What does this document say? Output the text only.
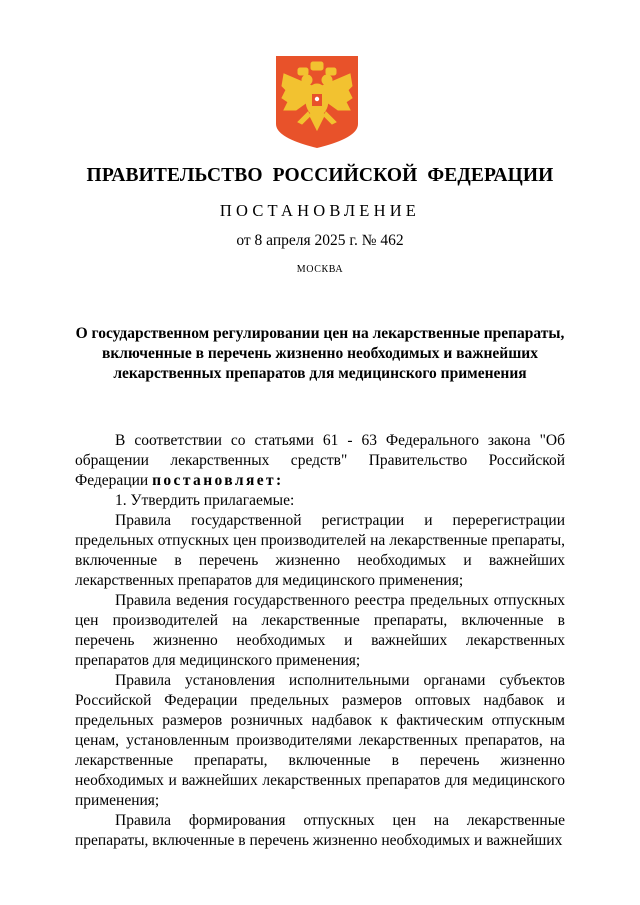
ПРАВИТЕЛЬСТВО РОССИЙСКОЙ ФЕДЕРАЦИИ
ПОСТАНОВЛЕНИЕ
от 8 апреля 2025 г. № 462
МОСКВА
О государственном регулировании цен на лекарственные препараты,
включенные в перечень жизненно необходимых и важнейших
лекарственных препаратов для медицинского применения

В соответствии со статьями 61 - 63 Федерального закона "Об обращении лекарственных средств" Правительство Российской Федерации постановляет:

1. Утвердить прилагаемые:

Правила государственной регистрации и перерегистрации предельных отпускных цен производителей на лекарственные препараты, включенные в перечень жизненно необходимых и важнейших лекарственных препаратов для медицинского применения;

Правила ведения государственного реестра предельных отпускных цен производителей на лекарственные препараты, включенные в перечень жизненно необходимых и важнейших лекарственных препаратов для медицинского применения;

Правила установления исполнительными органами субъектов Российской Федерации предельных размеров оптовых надбавок и предельных размеров розничных надбавок к фактическим отпускным ценам, установленным производителями лекарственных препаратов, на лекарственные препараты, включенные в перечень жизненно необходимых и важнейших лекарственных препаратов для медицинского применения;

Правила формирования отпускных цен на лекарственные препараты, включенные в перечень жизненно необходимых и важнейших
